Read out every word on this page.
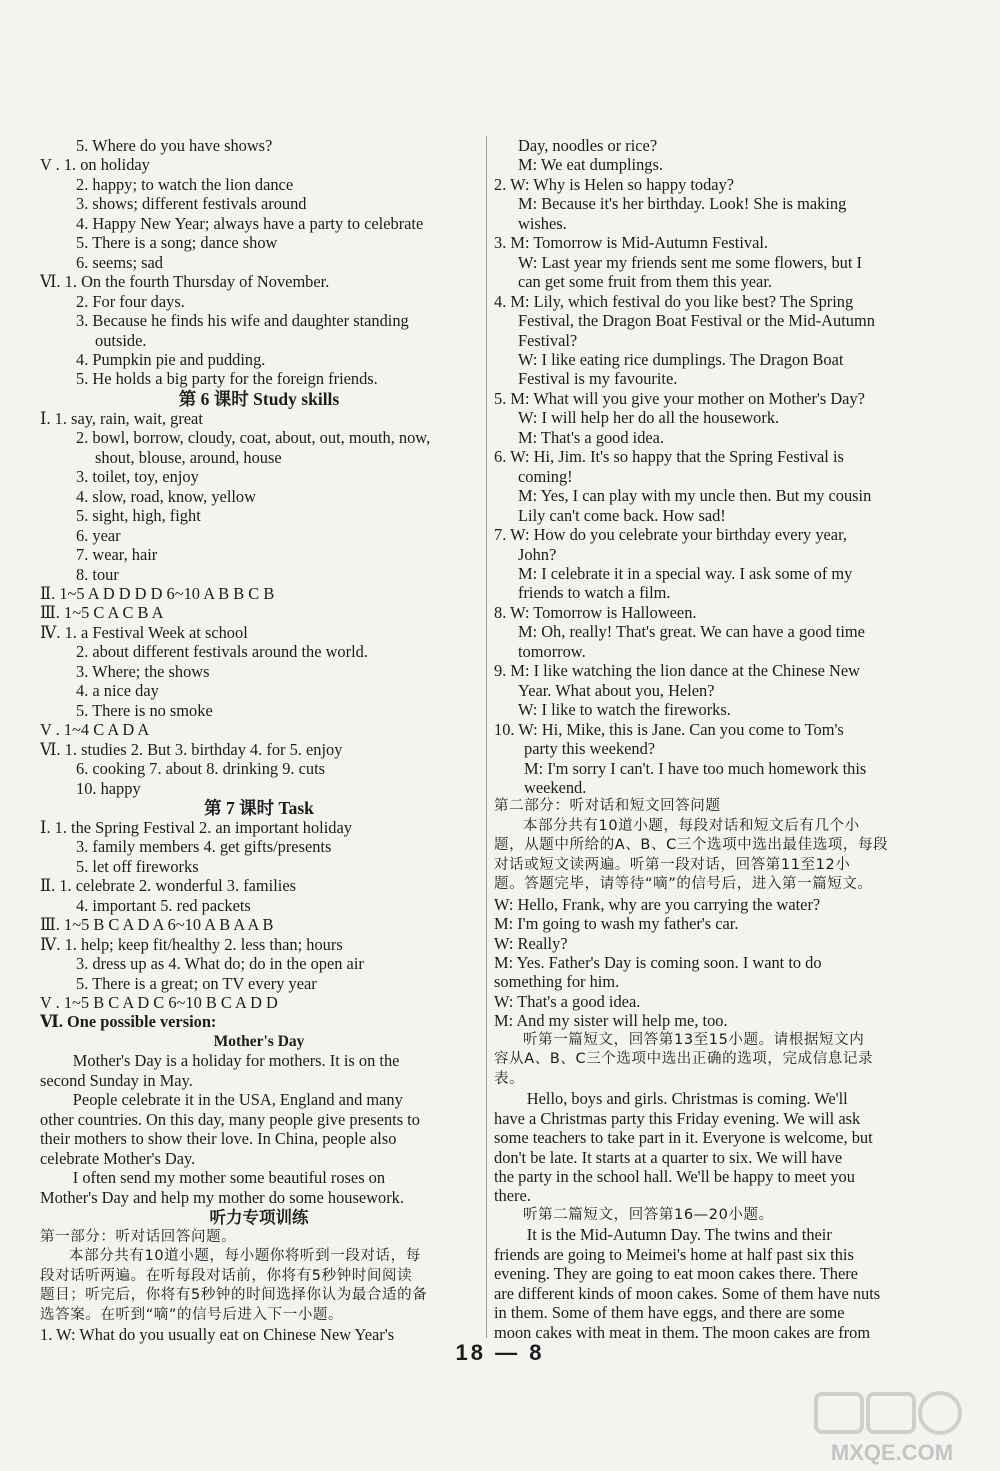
5. Where do you have shows?
V . 1. on holiday
2. happy; to watch the lion dance
3. shows; different festivals around
4. Happy New Year; always have a party to celebrate
5. There is a song; dance show
6. seems; sad
Ⅵ. 1. On the fourth Thursday of November.
2. For four days.
3. Because he finds his wife and daughter standing
outside.
4. Pumpkin pie and pudding.
5. He holds a big party for the foreign friends.
第 6 课时 Study skills
Ⅰ. 1. say, rain, wait, great
2. bowl, borrow, cloudy, coat, about, out, mouth, now,
shout, blouse, around, house
3. toilet, toy, enjoy
4. slow, road, know, yellow
5. sight, high, fight
6. year
7. wear, hair
8. tour
Ⅱ. 1~5 A D D D D 6~10 A B B C B
Ⅲ. 1~5 C A C B A
Ⅳ. 1. a Festival Week at school
2. about different festivals around the world.
3. Where; the shows
4. a nice day
5. There is no smoke
V . 1~4 C A D A
Ⅵ. 1. studies 2. But 3. birthday 4. for 5. enjoy
6. cooking 7. about 8. drinking 9. cuts
10. happy
第 7 课时 Task
Ⅰ. 1. the Spring Festival 2. an important holiday
3. family members 4. get gifts/presents
5. let off fireworks
Ⅱ. 1. celebrate 2. wonderful 3. families
4. important 5. red packets
Ⅲ. 1~5 B C A D A 6~10 A B A A B
Ⅳ. 1. help; keep fit/healthy 2. less than; hours
3. dress up as 4. What do; do in the open air
5. There is a great; on TV every year
V . 1~5 B C A D C 6~10 B C A D D
Ⅵ. One possible version:
Mother's Day
Mother's Day is a holiday for mothers. It is on the
second Sunday in May.
People celebrate it in the USA, England and many
other countries. On this day, many people give presents to
their mothers to show their love. In China, people also
celebrate Mother's Day.
I often send my mother some beautiful roses on
Mother's Day and help my mother do some housework.
听力专项训练
第一部分：听对话回答问题。
本部分共有10道小题，每小题你将听到一段对话，每
段对话听两遍。在听每段对话前，你将有5秒钟时间阅读
题目；听完后，你将有5秒钟的时间选择你认为最合适的备
选答案。在听到“嘀”的信号后进入下一小题。
1. W: What do you usually eat on Chinese New Year's
Day, noodles or rice?
M: We eat dumplings.
2. W: Why is Helen so happy today?
M: Because it's her birthday. Look! She is making
wishes.
3. M: Tomorrow is Mid-Autumn Festival.
W: Last year my friends sent me some flowers, but I
can get some fruit from them this year.
4. M: Lily, which festival do you like best? The Spring
Festival, the Dragon Boat Festival or the Mid-Autumn
Festival?
W: I like eating rice dumplings. The Dragon Boat
Festival is my favourite.
5. M: What will you give your mother on Mother's Day?
W: I will help her do all the housework.
M: That's a good idea.
6. W: Hi, Jim. It's so happy that the Spring Festival is
coming!
M: Yes, I can play with my uncle then. But my cousin
Lily can't come back. How sad!
7. W: How do you celebrate your birthday every year,
John?
M: I celebrate it in a special way. I ask some of my
friends to watch a film.
8. W: Tomorrow is Halloween.
M: Oh, really! That's great. We can have a good time
tomorrow.
9. M: I like watching the lion dance at the Chinese New
Year. What about you, Helen?
W: I like to watch the fireworks.
10. W: Hi, Mike, this is Jane. Can you come to Tom's
party this weekend?
M: I'm sorry I can't. I have too much homework this
weekend.
第二部分：听对话和短文回答问题
本部分共有10道小题，每段对话和短文后有几个小
题，从题中所给的A、B、C三个选项中选出最佳选项，每段
对话或短文读两遍。听第一段对话，回答第11至12小
题。答题完毕，请等待“嘀”的信号后，进入第一篇短文。
W: Hello, Frank, why are you carrying the water?
M: I'm going to wash my father's car.
W: Really?
M: Yes. Father's Day is coming soon. I want to do
something for him.
W: That's a good idea.
M: And my sister will help me, too.
听第一篇短文，回答第13至15小题。请根据短文内
容从A、B、C三个选项中选出正确的选项，完成信息记录
表。
Hello, boys and girls. Christmas is coming. We'll
have a Christmas party this Friday evening. We will ask
some teachers to take part in it. Everyone is welcome, but
don't be late. It starts at a quarter to six. We will have
the party in the school hall. We'll be happy to meet you
there.
听第二篇短文，回答第16—20小题。
It is the Mid-Autumn Day. The twins and their
friends are going to Meimei's home at half past six this
evening. They are going to eat moon cakes there. There
are different kinds of moon cakes. Some of them have nuts
in them. Some of them have eggs, and there are some
moon cakes with meat in them. The moon cakes are from
18 — 8
MXQE.COM
